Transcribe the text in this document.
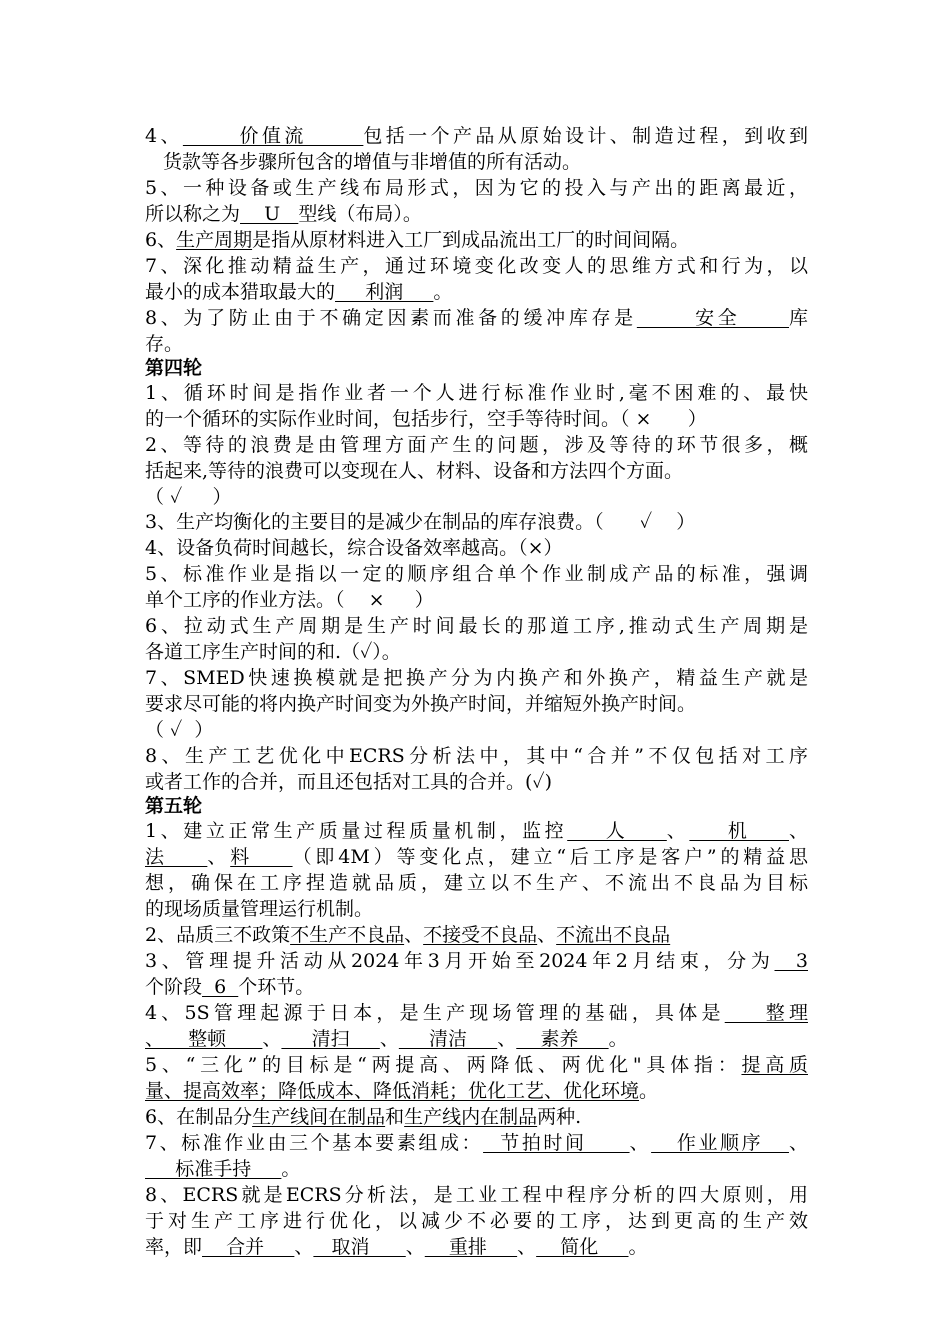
4、      价值流      包括一个产品从原始设计、制造过程，到收到
货款等各步骤所包含的增值与非增值的所有活动。
5、一种设备或生产线布局形式，因为它的投入与产出的距离最近，
所以称之为    U   型线（布局）。
6、生产周期是指从原材料进入工厂到成品流出工厂的时间间隔。
7、深化推动精益生产，通过环境变化改变人的思维方式和行为，以
最小的成本猎取最大的     利润     。
8、为了防止由于不确定因素而准备的缓冲库存是      安全     库
存。
第四轮
1、循环时间是指作业者一个人进行标准作业时,毫不困难的、最快
的一个循环的实际作业时间，包括步行，空手等待时间。（ ×      ）
2、等待的浪费是由管理方面产生的问题，涉及等待的环节很多，概
括起来,等待的浪费可以变现在人、材料、设备和方法四个方面。
（ ✓     ）
3、生产均衡化的主要目的是减少在制品的库存浪费。（      ✓    ）
4、设备负荷时间越长，综合设备效率越高。（×）
5、标准作业是指以一定的顺序组合单个作业制成产品的标准，强调
单个工序的作业方法。（    ×     ）
6、拉动式生产周期是生产时间最长的那道工序,推动式生产周期是
各道工序生产时间的和.（✓）。
7、SMED快速换模就是把换产分为内换产和外换产，精益生产就是
要求尽可能的将内换产时间变为外换产时间，并缩短外换产时间。
（ ✓  ）
8、生产工艺优化中ECRS分析法中，其中“合并”不仅包括对工序
或者工作的合并，而且还包括对工具的合并。(✓)
第五轮
1、建立正常生产质量过程质量机制，监控    人    、    机    、
法    、料    （即4M）等变化点，建立“后工序是客户”的精益思
想，确保在工序捏造就品质，建立以不生产、不流出不良品为目标
的现场质量管理运行机制。
2、品质三不政策不生产不良品、不接受不良品、不流出不良品
3、管理提升活动从2024年3月开始至2024年2月结束，分为  3
个阶段  6  个环节。
4、5S管理起源于日本，是生产现场管理的基础，具体是    整理
、    整顿      、     清扫     、     清洁     、    素养     。
5、“三化”的目标是“两提高、两降低、两优化"具体指：提高质
量、提高效率；降低成本、降低消耗；优化工艺、优化环境。
6、在制品分生产线间在制品和生产线内在制品两种.
7、标准作业由三个基本要素组成：  节拍时间     、   作业顺序   、
标准手持     。
8、ECRS就是ECRS分析法，是工业工程中程序分析的四大原则，用
于对生产工序进行优化，以减少不必要的工序，达到更高的生产效
率，即    合并     、   取消      、    重排     、    简化     。
